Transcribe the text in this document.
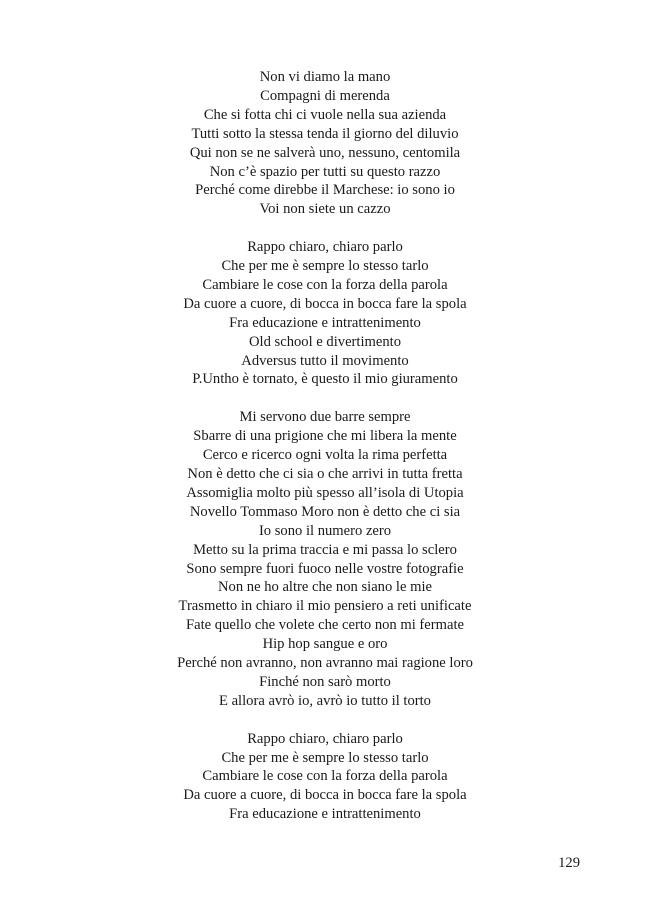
Non vi diamo la mano
Compagni di merenda
Che si fotta chi ci vuole nella sua azienda
Tutti sotto la stessa tenda il giorno del diluvio
Qui non se ne salverà uno, nessuno, centomila
Non c’è spazio per tutti su questo razzo
Perché come direbbe il Marchese: io sono io
Voi non siete un cazzo
Rappo chiaro, chiaro parlo
Che per me è sempre lo stesso tarlo
Cambiare le cose con la forza della parola
Da cuore a cuore, di bocca in bocca fare la spola
Fra educazione e intrattenimento
Old school e divertimento
Adversus tutto il movimento
P.Untho è tornato, è questo il mio giuramento
Mi servono due barre sempre
Sbarre di una prigione che mi libera la mente
Cerco e ricerco ogni volta la rima perfetta
Non è detto che ci sia o che arrivi in tutta fretta
Assomiglia molto più spesso all’isola di Utopia
Novello Tommaso Moro non è detto che ci sia
Io sono il numero zero
Metto su la prima traccia e mi passa lo sclero
Sono sempre fuori fuoco nelle vostre fotografie
Non ne ho altre che non siano le mie
Trasmetto in chiaro il mio pensiero a reti unificate
Fate quello che volete che certo non mi fermate
Hip hop sangue e oro
Perché non avranno, non avranno mai ragione loro
Finché non sarò morto
E allora avrò io, avrò io tutto il torto
Rappo chiaro, chiaro parlo
Che per me è sempre lo stesso tarlo
Cambiare le cose con la forza della parola
Da cuore a cuore, di bocca in bocca fare la spola
Fra educazione e intrattenimento
129
